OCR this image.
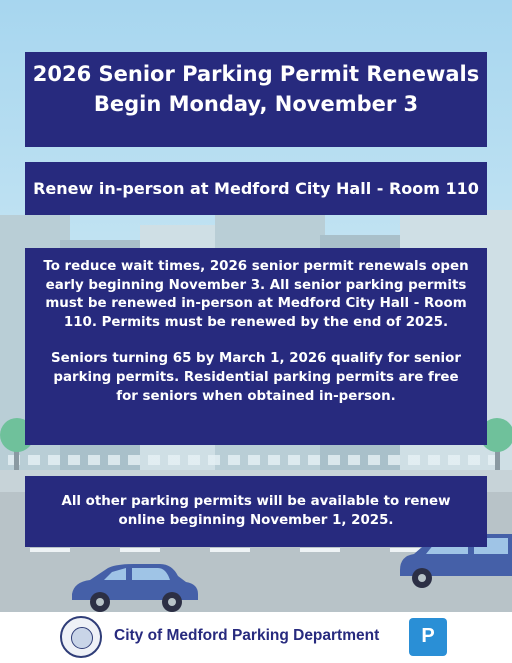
2026 Senior Parking Permit Renewals
Begin Monday, November 3
Renew in-person at Medford City Hall - Room 110

To reduce wait times, 2026 senior permit renewals open early beginning November 3. All senior parking permits must be renewed in-person at Medford City Hall - Room 110. Permits must be renewed by the end of 2025.

Seniors turning 65 by March 1, 2026 qualify for senior parking permits. Residential parking permits are free for seniors when obtained in-person.

All other parking permits will be available to renew online beginning November 1, 2025.
City of Medford Parking Department	P
